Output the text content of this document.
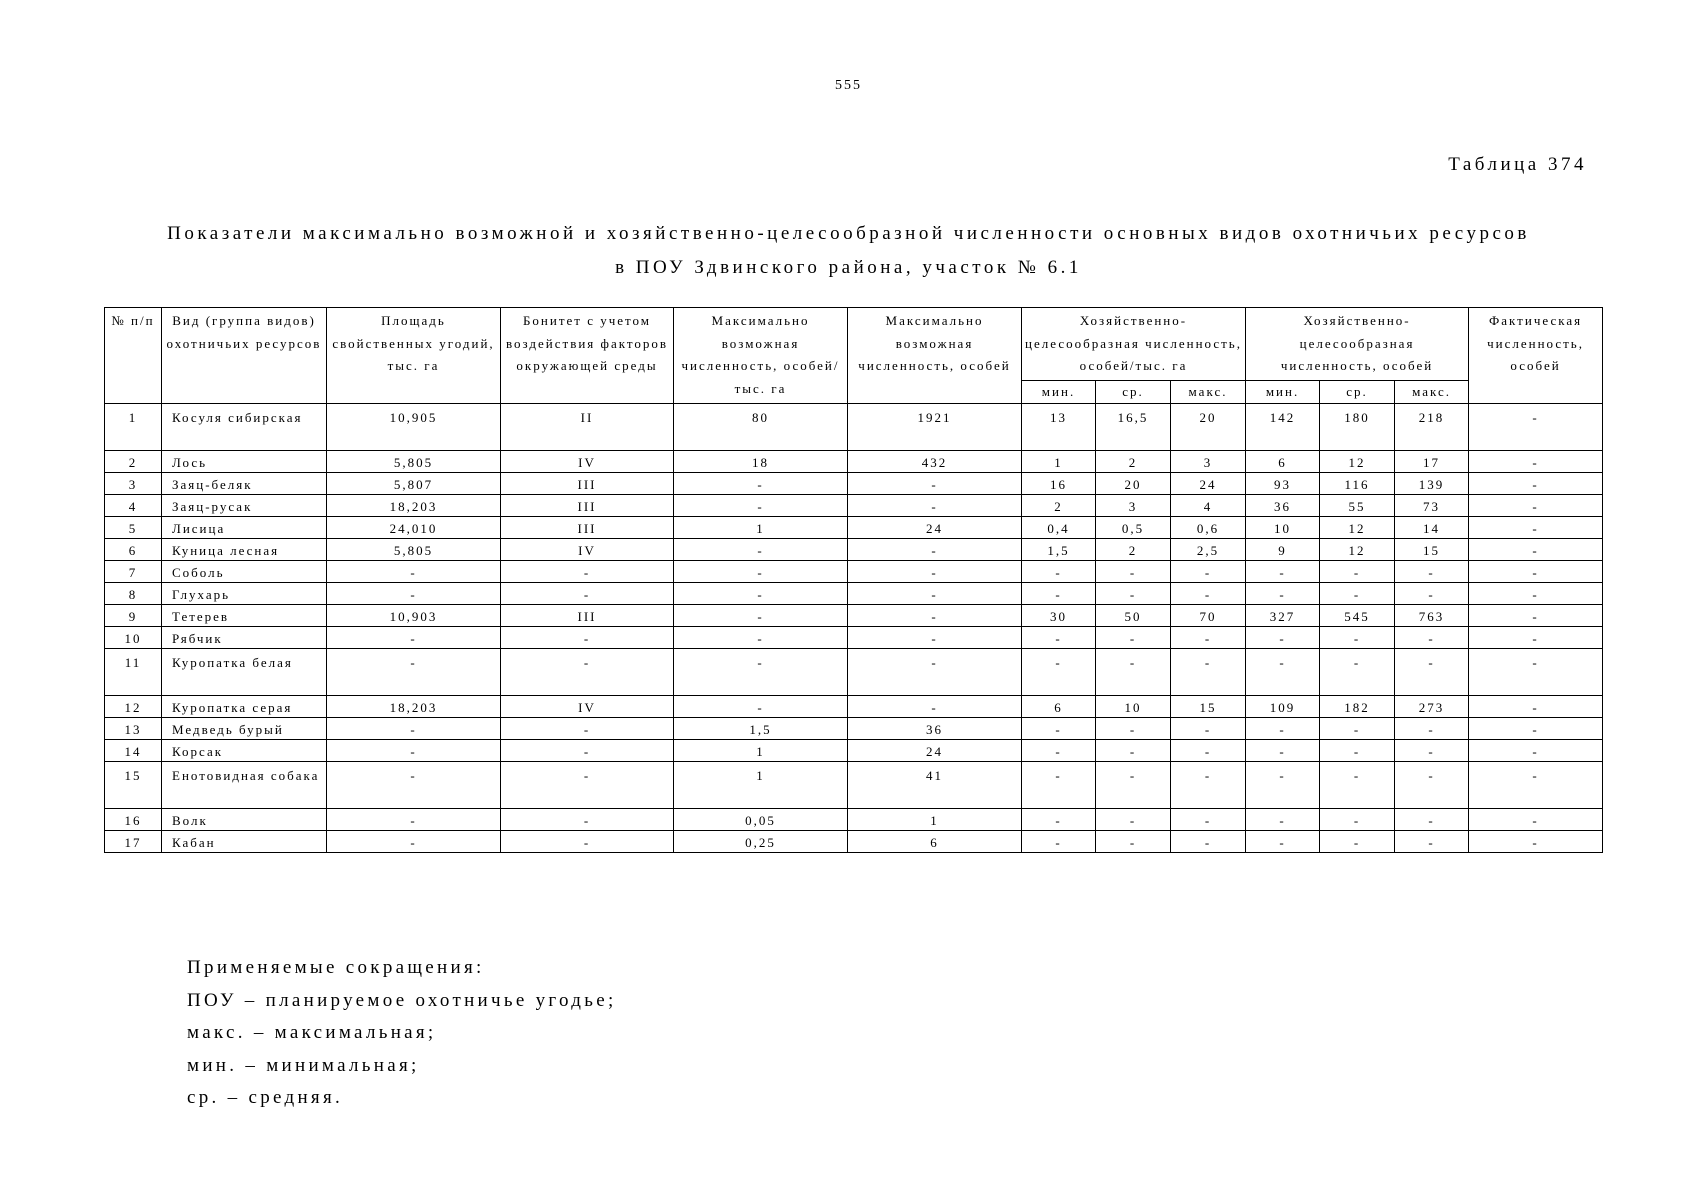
555
Таблица 374
Показатели максимально возможной и хозяйственно-целесообразной численности основных видов охотничьих ресурсов
в ПОУ Здвинского района, участок № 6.1
№ п/п	Вид (группа видов) охотничьих ресурсов	Площадь свойственных угодий, тыс. га	Бонитет с учетом воздействия факторов окружающей среды	Максимально возможная численность, особей/тыс. га	Максимально возможная численность, особей	Хозяйственно-целесообразная численность, особей/тыс. га			Хозяйственно-целесообразная численность, особей			Фактическая численность, особей
						мин.	ср.	макс.	мин.	ср.	макс.	
1	Косуля сибирская	10,905	II	80	1921	13	16,5	20	142	180	218	-
2	Лось	5,805	IV	18	432	1	2	3	6	12	17	-
3	Заяц-беляк	5,807	III	-	-	16	20	24	93	116	139	-
4	Заяц-русак	18,203	III	-	-	2	3	4	36	55	73	-
5	Лисица	24,010	III	1	24	0,4	0,5	0,6	10	12	14	-
6	Куница лесная	5,805	IV	-	-	1,5	2	2,5	9	12	15	-
7	Соболь	-	-	-	-	-	-	-	-	-	-	-
8	Глухарь	-	-	-	-	-	-	-	-	-	-	-
9	Тетерев	10,903	III	-	-	30	50	70	327	545	763	-
10	Рябчик	-	-	-	-	-	-	-	-	-	-	-
11	Куропатка белая	-	-	-	-	-	-	-	-	-	-	-
12	Куропатка серая	18,203	IV	-	-	6	10	15	109	182	273	-
13	Медведь бурый	-	-	1,5	36	-	-	-	-	-	-	-
14	Корсак	-	-	1	24	-	-	-	-	-	-	-
15	Енотовидная собака	-	-	1	41	-	-	-	-	-	-	-
16	Волк	-	-	0,05	1	-	-	-	-	-	-	-
17	Кабан	-	-	0,25	6	-	-	-	-	-	-	-
Применяемые сокращения:
ПОУ – планируемое охотничье угодье;
макс. – максимальная;
мин. – минимальная;
ср. – средняя.
